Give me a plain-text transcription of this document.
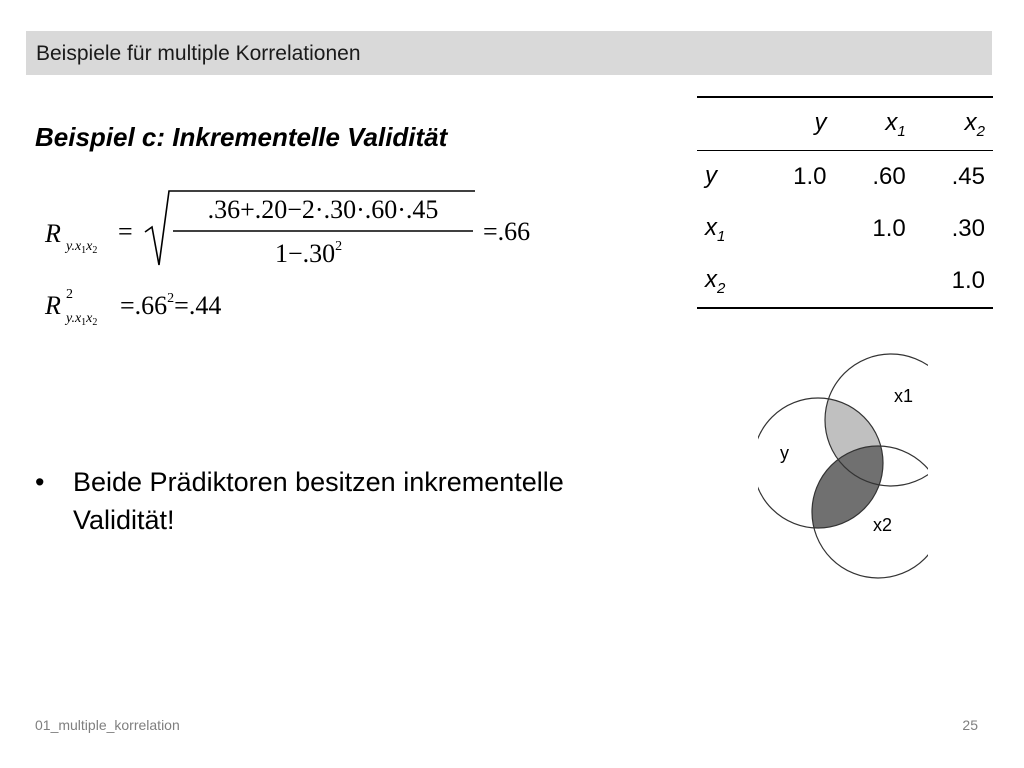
Beispiele für multiple Korrelationen
Beispiel c: Inkrementelle Validität
R $y.x_1x_2$
=
.36+.20−2·.30·.60·.45
$1-.30^2$
=.66
R 2
$y.x_1x_2$
$=.66^2=.44$
	y	$x_1$	$x_2$
y	1.0	.60	.45
$x_1$		1.0	.30
$x_2$			1.0
y
x1
x2
• Beide Prädiktoren besitzen inkrementelle Validität!
01_multiple_korrelation	25
